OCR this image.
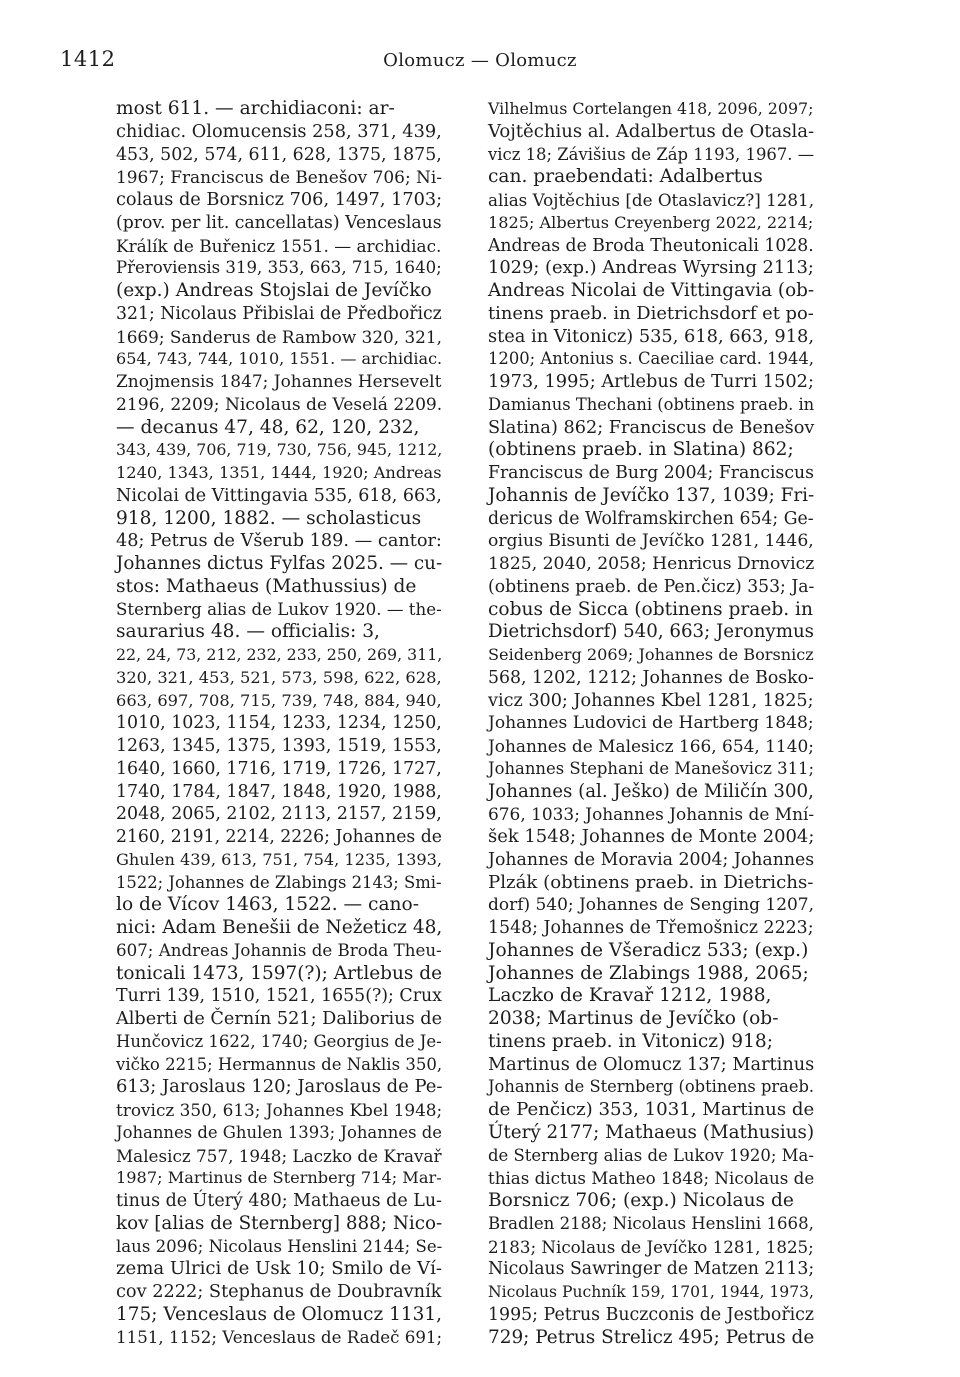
1412	Olomucz — Olomucz
most 611. — archidiaconi: ar-
chidiac. Olomucensis 258, 371, 439,
453, 502, 574, 611, 628, 1375, 1875,
1967; Franciscus de Benešov 706; Ni-
colaus de Borsnicz 706, 1497, 1703;
(prov. per lit. cancellatas) Venceslaus
Králík de Buřenicz 1551. — archidiac.
Přeroviensis 319, 353, 663, 715, 1640;
(exp.) Andreas Stojslai de Jevíčko
321; Nicolaus Přibislai de Předbořicz
1669; Sanderus de Rambow 320, 321,
654, 743, 744, 1010, 1551. — archidiac.
Znojmensis 1847; Johannes Hersevelt
2196, 2209; Nicolaus de Veselá 2209.
— decanus 47, 48, 62, 120, 232,
343, 439, 706, 719, 730, 756, 945, 1212,
1240, 1343, 1351, 1444, 1920; Andreas
Nicolai de Vittingavia 535, 618, 663,
918, 1200, 1882. — scholasticus
48; Petrus de Všerub 189. — cantor:
Johannes dictus Fylfas 2025. — cu-
stos: Mathaeus (Mathussius) de
Sternberg alias de Lukov 1920. — the-
saurarius 48. — officialis: 3,
22, 24, 73, 212, 232, 233, 250, 269, 311,
320, 321, 453, 521, 573, 598, 622, 628,
663, 697, 708, 715, 739, 748, 884, 940,
1010, 1023, 1154, 1233, 1234, 1250,
1263, 1345, 1375, 1393, 1519, 1553,
1640, 1660, 1716, 1719, 1726, 1727,
1740, 1784, 1847, 1848, 1920, 1988,
2048, 2065, 2102, 2113, 2157, 2159,
2160, 2191, 2214, 2226; Johannes de
Ghulen 439, 613, 751, 754, 1235, 1393,
1522; Johannes de Zlabings 2143; Smi-
lo de Vícov 1463, 1522. — cano-
nici: Adam Benešii de Nežeticz 48,
607; Andreas Johannis de Broda Theu-
tonicali 1473, 1597(?); Artlebus de
Turri 139, 1510, 1521, 1655(?); Crux
Alberti de Černín 521; Daliborius de
Hunčovicz 1622, 1740; Georgius de Je-
vičko 2215; Hermannus de Naklis 350,
613; Jaroslaus 120; Jaroslaus de Pe-
trovicz 350, 613; Johannes Kbel 1948;
Johannes de Ghulen 1393; Johannes de
Malesicz 757, 1948; Laczko de Kravař
1987; Martinus de Sternberg 714; Mar-
tinus de Úterý 480; Mathaeus de Lu-
kov [alias de Sternberg] 888; Nico-
laus 2096; Nicolaus Henslini 2144; Se-
zema Ulrici de Usk 10; Smilo de Ví-
cov 2222; Stephanus de Doubravník
175; Venceslaus de Olomucz 1131,
1151, 1152; Venceslaus de Radeč 691;
Vilhelmus Cortelangen 418, 2096, 2097;
Vojtěchius al. Adalbertus de Otasla-
vicz 18; Závišius de Záp 1193, 1967. —
can. praebendati: Adalbertus
alias Vojtěchius [de Otaslavicz?] 1281,
1825; Albertus Creyenberg 2022, 2214;
Andreas de Broda Theutonicali 1028.
1029; (exp.) Andreas Wyrsing 2113;
Andreas Nicolai de Vittingavia (ob-
tinens praeb. in Dietrichsdorf et po-
stea in Vitonicz) 535, 618, 663, 918,
1200; Antonius s. Caeciliae card. 1944,
1973, 1995; Artlebus de Turri 1502;
Damianus Thechani (obtinens praeb. in
Slatina) 862; Franciscus de Benešov
(obtinens praeb. in Slatina) 862;
Franciscus de Burg 2004; Franciscus
Johannis de Jevíčko 137, 1039; Fri-
dericus de Wolframskirchen 654; Ge-
orgius Bisunti de Jevíčko 1281, 1446,
1825, 2040, 2058; Henricus Drnovicz
(obtinens praeb. de Pen.čicz) 353; Ja-
cobus de Sicca (obtinens praeb. in
Dietrichsdorf) 540, 663; Jeronymus
Seidenberg 2069; Johannes de Borsnicz
568, 1202, 1212; Johannes de Bosko-
vicz 300; Johannes Kbel 1281, 1825;
Johannes Ludovici de Hartberg 1848;
Johannes de Malesicz 166, 654, 1140;
Johannes Stephani de Manešovicz 311;
Johannes (al. Ješko) de Miličín 300,
676, 1033; Johannes Johannis de Mní-
šek 1548; Johannes de Monte 2004;
Johannes de Moravia 2004; Johannes
Plzák (obtinens praeb. in Dietrichs-
dorf) 540; Johannes de Senging 1207,
1548; Johannes de Třemošnicz 2223;
Johannes de Všeradicz 533; (exp.)
Johannes de Zlabings 1988, 2065;
Laczko de Kravař 1212, 1988,
2038; Martinus de Jevíčko (ob-
tinens praeb. in Vitonicz) 918;
Martinus de Olomucz 137; Martinus
Johannis de Sternberg (obtinens praeb.
de Penčicz) 353, 1031, Martinus de
Úterý 2177; Mathaeus (Mathusius)
de Sternberg alias de Lukov 1920; Ma-
thias dictus Matheo 1848; Nicolaus de
Borsnicz 706; (exp.) Nicolaus de
Bradlen 2188; Nicolaus Henslini 1668,
2183; Nicolaus de Jevíčko 1281, 1825;
Nicolaus Sawringer de Matzen 2113;
Nicolaus Puchník 159, 1701, 1944, 1973,
1995; Petrus Buczconis de Jestbořicz
729; Petrus Strelicz 495; Petrus de
